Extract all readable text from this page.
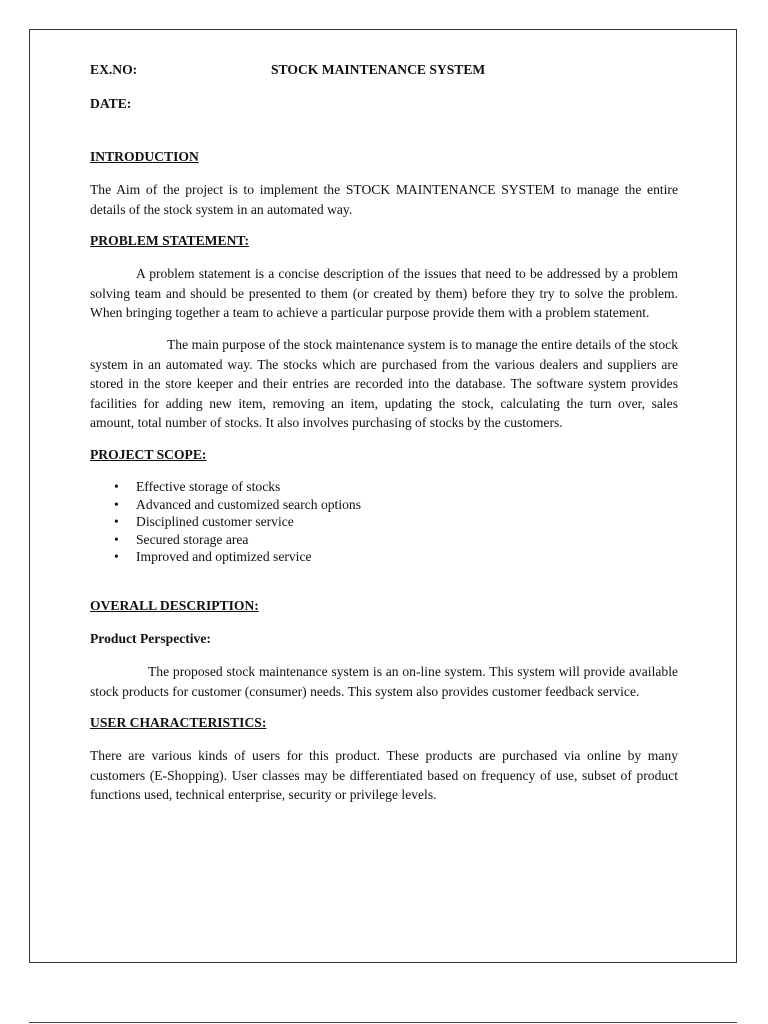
EX.NO:	STOCK MAINTENANCE SYSTEM
DATE:
INTRODUCTION

The Aim of the project is to implement the STOCK MAINTENANCE SYSTEM to manage the entire details of the stock system in an automated way.

PROBLEM STATEMENT:

A problem statement is a concise description of the issues that need to be addressed by a problem solving team and should be presented to them (or created by them) before they try to solve the problem. When bringing together a team to achieve a particular purpose provide them with a problem statement.

The main purpose of the stock maintenance system is to manage the entire details of the stock system in an automated way. The stocks which are purchased from the various dealers and suppliers are stored in the store keeper and their entries are recorded into the database. The software system provides facilities for adding new item, removing an item, updating the stock, calculating the turn over, sales amount, total number of stocks. It also involves purchasing of stocks by the customers.

PROJECT SCOPE:
• Effective storage of stocks
• Advanced and customized search options
• Disciplined customer service
• Secured storage area
• Improved and optimized service
OVERALL DESCRIPTION:
Product Perspective:

The proposed stock maintenance system is an on-line system. This system will provide available stock products for customer (consumer) needs. This system also provides customer feedback service.

USER CHARACTERISTICS:

There are various kinds of users for this product. These products are purchased via online by many customers (E-Shopping). User classes may be differentiated based on frequency of use, subset of product functions used, technical enterprise, security or privilege levels.
